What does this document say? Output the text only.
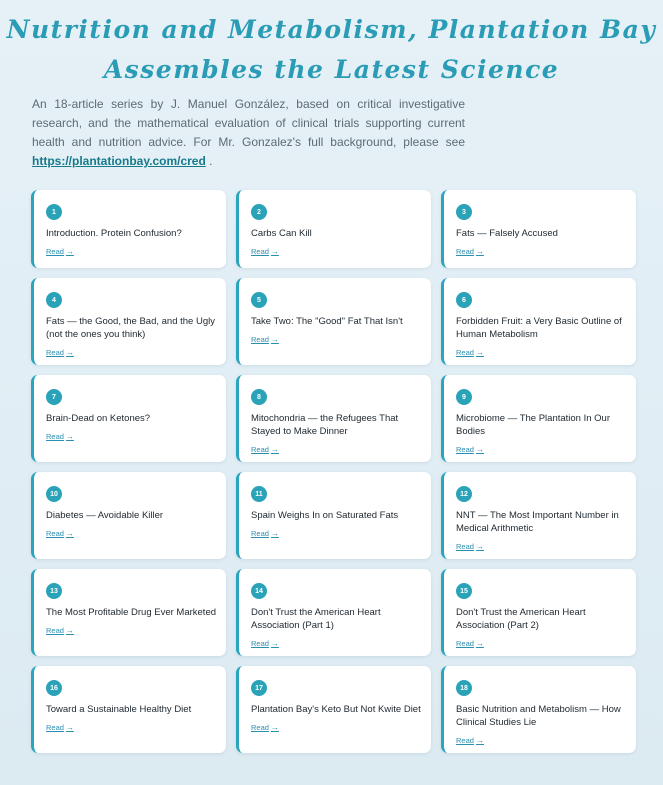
Nutrition and Metabolism, Plantation Bay
Assembles the Latest Science

An 18-article series by J. Manuel González, based on critical investigative research, and the mathematical evaluation of clinical trials supporting current health and nutrition advice. For Mr. Gonzalez's full background, please see https://plantationbay.com/cred .

1
Introduction. Protein Confusion?
Read →
2
Carbs Can Kill
Read →
3
Fats — Falsely Accused
Read →
4
Fats — the Good, the Bad, and the Ugly (not the ones you think)
Read →
5
Take Two: The "Good" Fat That Isn't
Read →
6
Forbidden Fruit: a Very Basic Outline of Human Metabolism
Read →
7
Brain-Dead on Ketones?
Read →
8
Mitochondria — the Refugees That Stayed to Make Dinner
Read →
9
Microbiome — The Plantation In Our Bodies
Read →
10
Diabetes — Avoidable Killer
Read →
11
Spain Weighs In on Saturated Fats
Read →
12
NNT — The Most Important Number in Medical Arithmetic
Read →
13
The Most Profitable Drug Ever Marketed
Read →
14
Don't Trust the American Heart Association (Part 1)
Read →
15
Don't Trust the American Heart Association (Part 2)
Read →
16
Toward a Sustainable Healthy Diet
Read →
17
Plantation Bay's Keto But Not Kwite Diet
Read →
18
Basic Nutrition and Metabolism — How Clinical Studies Lie
Read →
